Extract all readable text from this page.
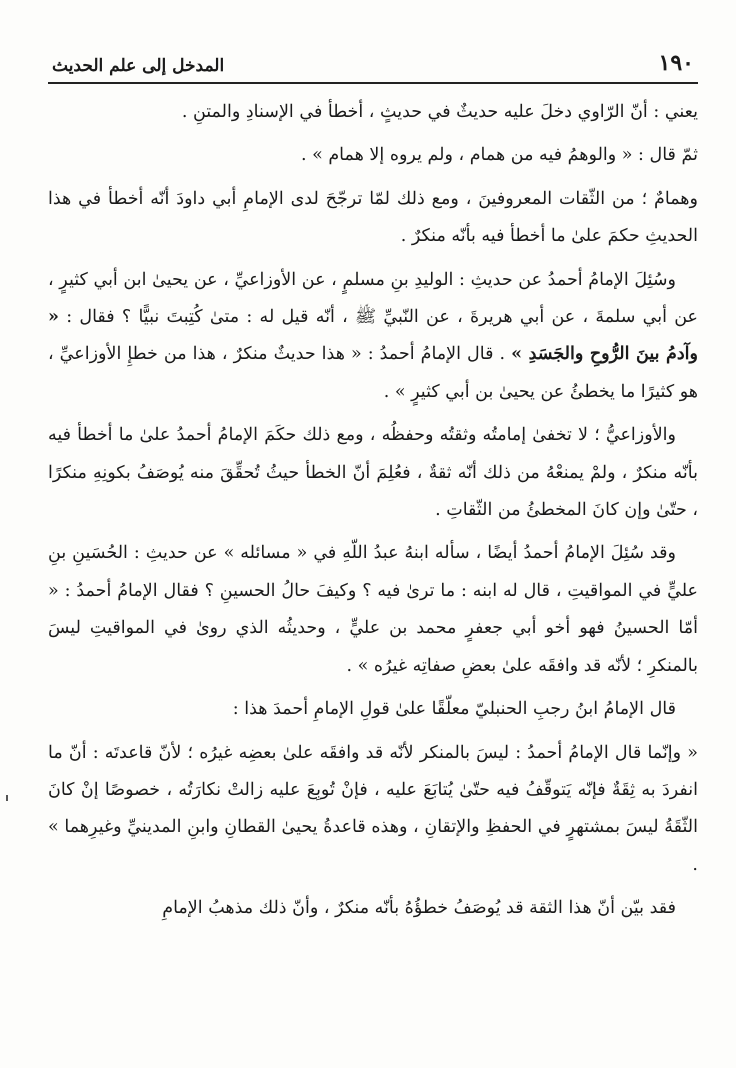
١٩٠
المدخل إلى علم الحديث

يعني : أنّ الرّاوي دخلَ عليه حديثٌ في حديثٍ ، أخطأ في الإسنادِ والمتنِ .

ثمّ قال : « والوهمُ فيه من همام ، ولم يروه إلا همام » .

وهمامٌ ؛ من الثّقات المعروفينَ ، ومع ذلك لمّا ترجّحَ لدى الإمامِ أبي داودَ أنّه أخطأ في هذا الحديثِ حكمَ علىٰ ما أخطأ فيه بأنّه منكرٌ .

وسُئِلَ الإمامُ أحمدُ عن حديثِ : الوليدِ بنِ مسلمٍ ، عن الأوزاعيِّ ، عن يحيىٰ ابن أبي كثيرٍ ، عن أبي سلمةَ ، عن أبي هريرةَ ، عن النّبيِّ ﷺ ، أنّه قيل له : متىٰ كُتِبتَ نبيًّا ؟ فقال : « وآدمُ بينَ الرُّوحِ والجَسَدِ » . قال الإمامُ أحمدُ : « هذا حديثٌ منكرٌ ، هذا من خطإِ الأوزاعيِّ ، هو كثيرًا ما يخطئُ عن يحيىٰ بن أبي كثيرٍ » .

والأوزاعيُّ ؛ لا تخفىٰ إمامتُه وثقتُه وحفظُه ، ومع ذلك حكَمَ الإمامُ أحمدُ علىٰ ما أخطأ فيه بأنّه منكرٌ ، ولمْ يمنعْهُ من ذلك أنّه ثقةٌ ، فعُلِمَ أنّ الخطأ حيثُ تُحقِّقَ منه يُوصَفُ بكونِهِ منكرًا ، حتّىٰ وإن كانَ المخطئُ من الثّقاتِ .

وقد سُئِلَ الإمامُ أحمدُ أيضًا ، سأله ابنهُ عبدُ اللّهِ في « مسائله » عن حديثِ : الحُسَينِ بنِ عليٍّ في المواقيتِ ، قال له ابنه : ما ترىٰ فيه ؟ وكيفَ حالُ الحسينِ ؟ فقال الإمامُ أحمدُ : « أمّا الحسينُ فهو أخو أبي جعفرٍ محمد بن عليٍّ ، وحديثُه الذي روىٰ في المواقيتِ ليسَ بالمنكرِ ؛ لأنّه قد وافقَه علىٰ بعضِ صفاتِه غيرُه » .

قال الإمامُ ابنُ رجبِ الحنبليّ معلّقًا علىٰ قولِ الإمامِ أحمدَ هذا :

« وإنّما قال الإمامُ أحمدُ : ليسَ بالمنكر لأنّه قد وافقَه علىٰ بعضِه غيرُه ؛ لأنّ قاعدتَه : أنّ ما انفردَ به ثِقَةٌ فإنّه يَتوقّفُ فيه حتّىٰ يُتابَعَ عليه ، فإنْ تُوبِعَ عليه زالتْ نكارَتُه ، خصوصًا إنْ كانَ الثّقَةُ ليسَ بمشتهرٍ في الحفظِ والإتقانِ ، وهذه قاعدةُ يحيىٰ القطانِ وابنِ المدينيِّ وغيرِهما » .

فقد بيّن أنّ هذا الثقة قد يُوصَفُ خطؤُهُ بأنّه منكرٌ ، وأنّ ذلك مذهبُ الإمامِ
